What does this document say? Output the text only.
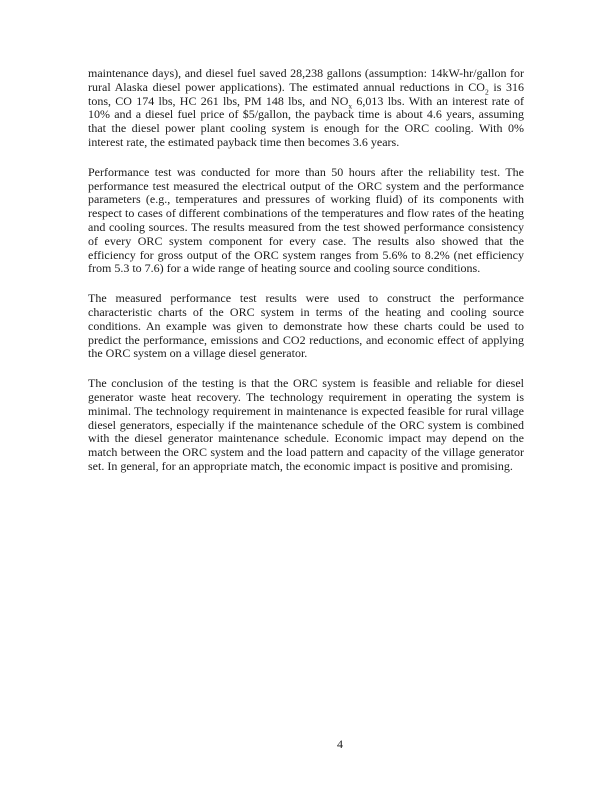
maintenance days), and diesel fuel saved 28,238 gallons (assumption: 14kW-hr/gallon for rural Alaska diesel power applications). The estimated annual reductions in $CO_2$ is 316 tons, CO 174 lbs, HC 261 lbs, PM 148 lbs, and $NO_x$ 6,013 lbs. With an interest rate of 10% and a diesel fuel price of $5/gallon, the payback time is about 4.6 years, assuming that the diesel power plant cooling system is enough for the ORC cooling. With 0% interest rate, the estimated payback time then becomes 3.6 years.

Performance test was conducted for more than 50 hours after the reliability test. The performance test measured the electrical output of the ORC system and the performance parameters (e.g., temperatures and pressures of working fluid) of its components with respect to cases of different combinations of the temperatures and flow rates of the heating and cooling sources. The results measured from the test showed performance consistency of every ORC system component for every case. The results also showed that the efficiency for gross output of the ORC system ranges from 5.6% to 8.2% (net efficiency from 5.3 to 7.6) for a wide range of heating source and cooling source conditions.

The measured performance test results were used to construct the performance characteristic charts of the ORC system in terms of the heating and cooling source conditions. An example was given to demonstrate how these charts could be used to predict the performance, emissions and CO2 reductions, and economic effect of applying the ORC system on a village diesel generator.

The conclusion of the testing is that the ORC system is feasible and reliable for diesel generator waste heat recovery. The technology requirement in operating the system is minimal. The technology requirement in maintenance is expected feasible for rural village diesel generators, especially if the maintenance schedule of the ORC system is combined with the diesel generator maintenance schedule. Economic impact may depend on the match between the ORC system and the load pattern and capacity of the village generator set. In general, for an appropriate match, the economic impact is positive and promising.

4
